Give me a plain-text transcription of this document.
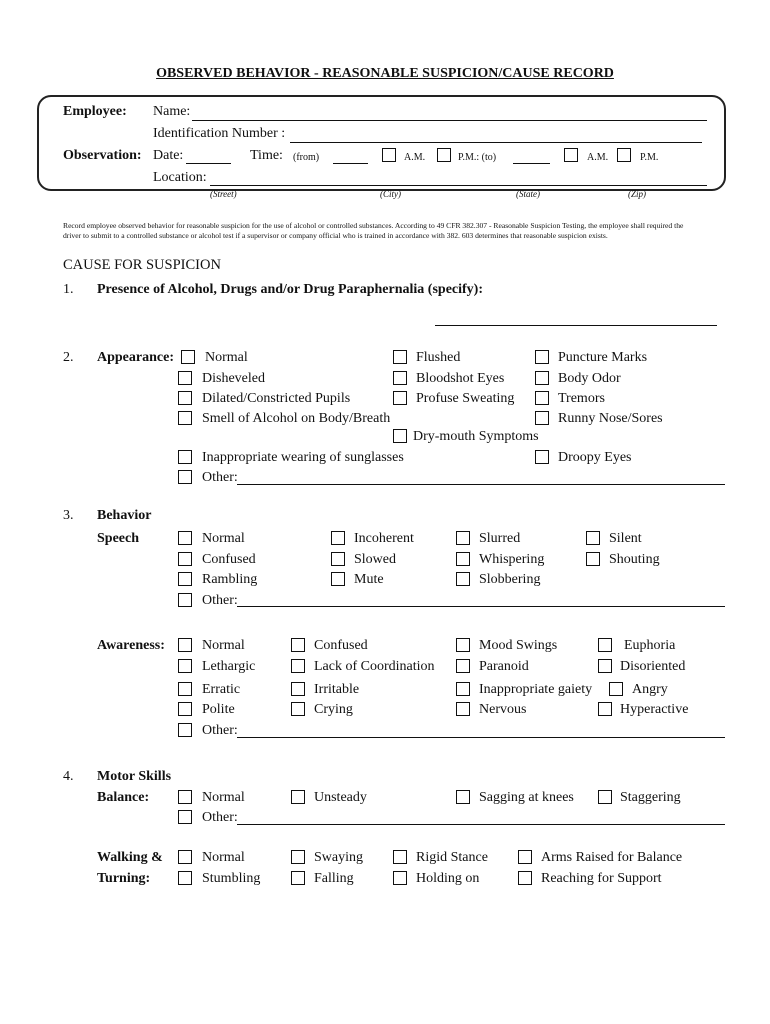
OBSERVED BEHAVIOR - REASONABLE SUSPICION/CAUSE RECORD
Employee: Name:
Identification Number :
Observation: Date:	Time: (from)	A.M.	P.M.: (to)	A.M.	P.M.
Location:
(Street)	(City)	(State)	(Zip)
Record employee observed behavior for reasonable suspicion for the use of alcohol or controlled substances. According to 49 CFR 382.307 - Reasonable Suspicion Testing, the employee shall required the driver to submit to a controlled substance or alcohol test if a supervisor or company official who is trained in accordance with 382. 603 determines that reasonable suspicion exists.
CAUSE FOR SUSPICION
1. Presence of Alcohol, Drugs and/or Drug Paraphernalia (specify):
2. Appearance: Normal	Flushed	Puncture Marks
Disheveled	Bloodshot Eyes	Body Odor
Dilated/Constricted Pupils	Profuse Sweating	Tremors
Smell of Alcohol on Body/Breath	Runny Nose/Sores
Dry-mouth Symptoms
Inappropriate wearing of sunglasses	Droopy Eyes
Other:
3. Behavior
Speech	Normal	Incoherent	Slurred	Silent
Confused	Slowed	Whispering	Shouting
Rambling	Mute	Slobbering
Other:
Awareness:	Normal	Confused	Mood Swings	Euphoria
Lethargic	Lack of Coordination	Paranoid	Disoriented
Erratic	Irritable	Inappropriate gaiety	Angry
Polite	Crying	Nervous	Hyperactive
Other:
4. Motor Skills
Balance:	Normal	Unsteady	Sagging at knees	Staggering
Other:
Walking &
Turning:
Normal	Swaying	Rigid Stance	Arms Raised for Balance
Stumbling	Falling	Holding on	Reaching for Support
